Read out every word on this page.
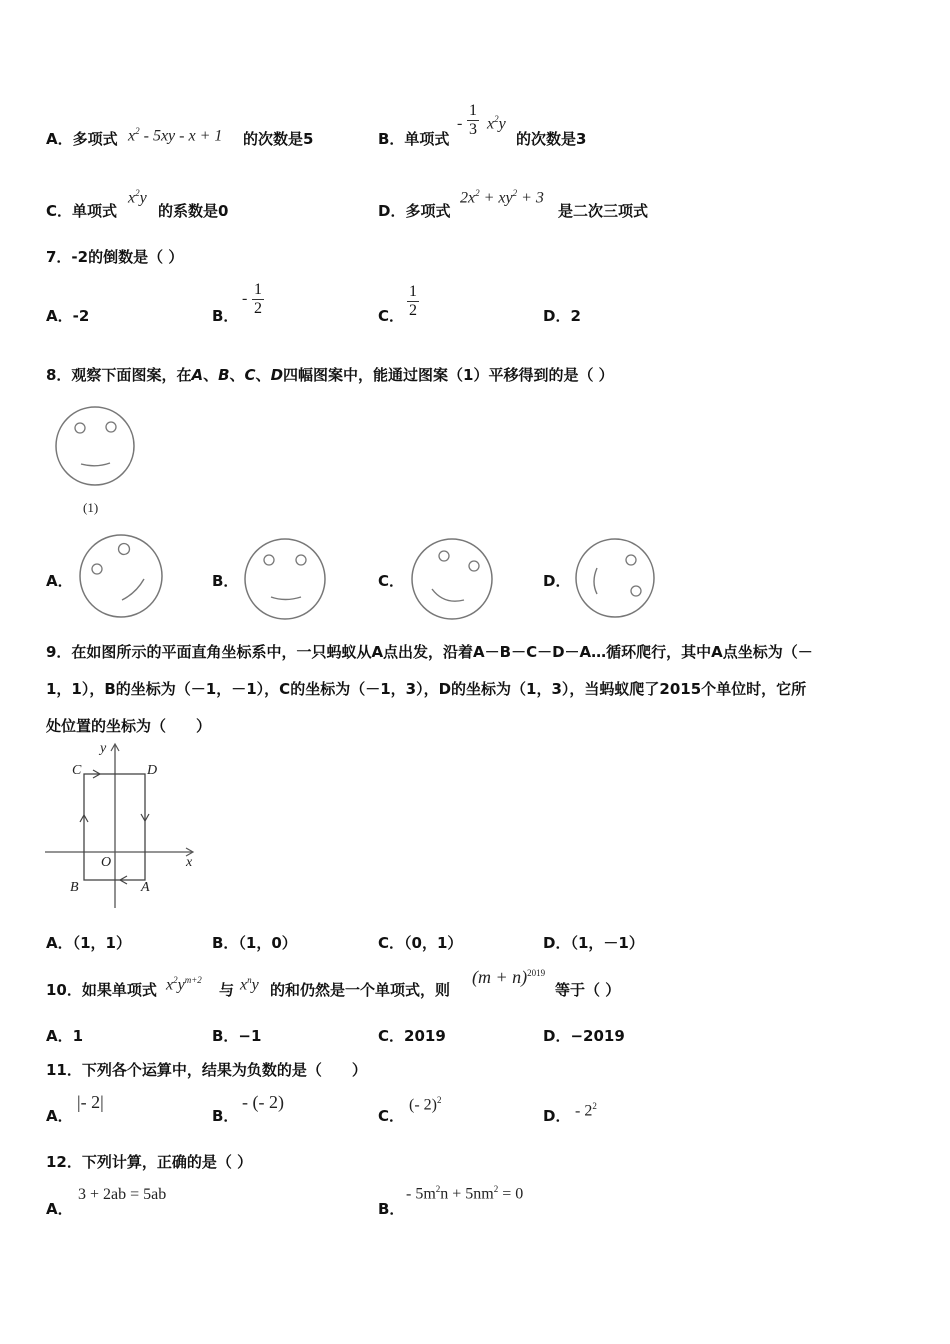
A．多项式 $x^2 - 5xy - x + 1$ 的次数是5	B．单项式
- $\frac{1}{3} x^2y$
的次数是3
C．单项式
$x^2y$
的系数是0	D．多项式
$2x^2 + xy^2 + 3$
是二次三项式
7．-2的倒数是（ ）
A．-2	B．
- $\frac{1}{2}$	C． $\frac{1}{2}$	D．2
8．观察下面图案，在A、B、C、D四幅图案中，能通过图案（1）平移得到的是（ ）
(1)
A．	B．	C．	D．
9．在如图所示的平面直角坐标系中，一只蚂蚁从A点出发，沿着A－B－C－D－A…循环爬行，其中A点坐标为（－
1，1），B的坐标为（－1，－1），C的坐标为（－1，3），D的坐标为（1，3），当蚂蚁爬了2015个单位时，它所
处位置的坐标为（　　）
y
x
O
C	D
B	A
A．（1，1）	B．（1，0）	C．（0，1）	D．（1，－1）
10．如果单项式 $x^2y^{m+2}$
与 $x^ny$ 的和仍然是一个单项式，则
$(m + n)^{2019}$
等于（ ）
A．1	B．−1	C．2019	D．−2019
11．下列各个运算中，结果为负数的是（　　）
A．
|- 2|
B．
- (- 2)
C．
(- 2)$^2$
D． - $2^2$
12．下列计算，正确的是（ ）
A．
3 + 2ab = 5ab
B．
- $5m^2n + 5nm^2 = 0$
